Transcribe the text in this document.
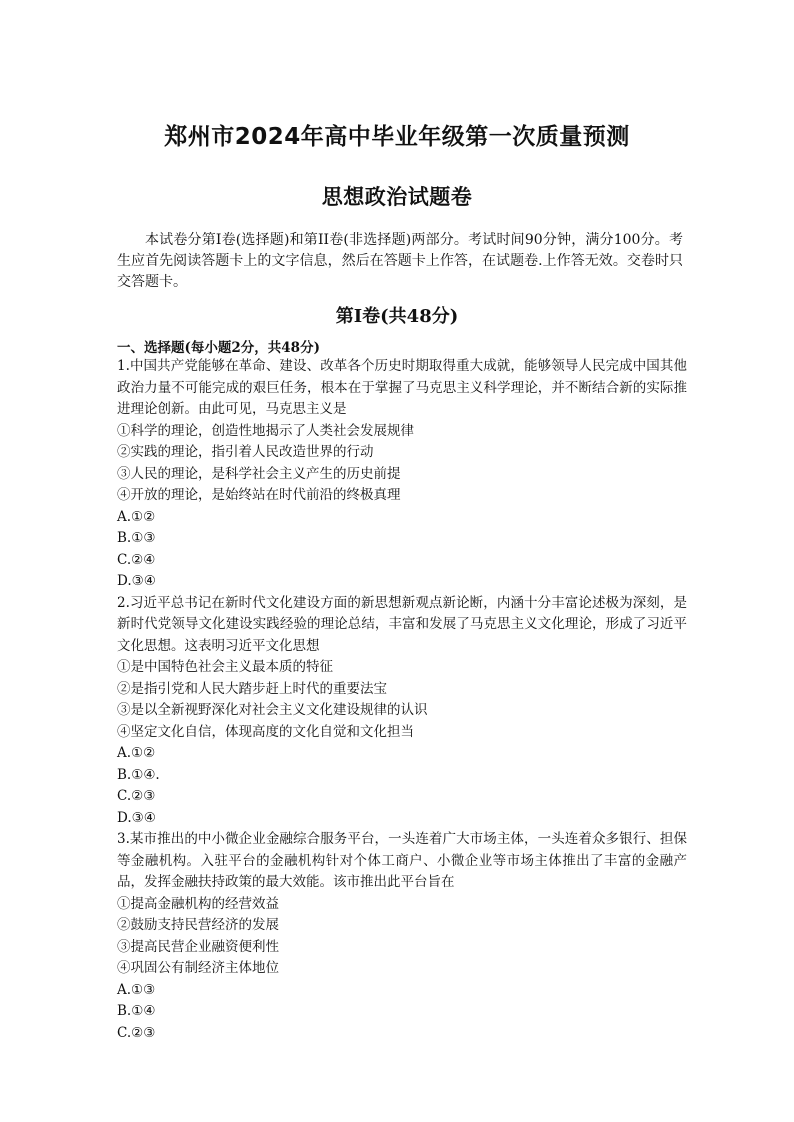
郑州市2024年高中毕业年级第一次质量预测
思想政治试题卷
本试卷分第I卷(选择题)和第II卷(非选择题)两部分。考试时间90分钟，满分100分。考生应首先阅读答题卡上的文字信息，然后在答题卡上作答，在试题卷.上作答无效。交卷时只交答题卡。
第I卷(共48分)
一、选择题(每小题2分，共48分)
1.中国共产党能够在革命、建设、改革各个历史时期取得重大成就，能够领导人民完成中国其他政治力量不可能完成的艰巨任务，根本在于掌握了马克思主义科学理论，并不断结合新的实际推进理论创新。由此可见，马克思主义是
①科学的理论，创造性地揭示了人类社会发展规律
②实践的理论，指引着人民改造世界的行动
③人民的理论，是科学社会主义产生的历史前提
④开放的理论，是始终站在时代前沿的终极真理
A.①②
B.①③
C.②④
D.③④
2.习近平总书记在新时代文化建设方面的新思想新观点新论断，内涵十分丰富论述极为深刻，是新时代党领导文化建设实践经验的理论总结，丰富和发展了马克思主义文化理论，形成了习近平文化思想。这表明习近平文化思想
①是中国特色社会主义最本质的特征
②是指引党和人民大踏步赶上时代的重要法宝
③是以全新视野深化对社会主义文化建设规律的认识
④坚定文化自信，体现高度的文化自觉和文化担当
A.①②
B.①④.
C.②③
D.③④
3.某市推出的中小微企业金融综合服务平台，一头连着广大市场主体，一头连着众多银行、担保等金融机构。入驻平台的金融机构针对个体工商户、小微企业等市场主体推出了丰富的金融产品，发挥金融扶持政策的最大效能。该市推出此平台旨在
①提高金融机构的经营效益
②鼓励支持民营经济的发展
③提高民营企业融资便利性
④巩固公有制经济主体地位
A.①③
B.①④
C.②③
